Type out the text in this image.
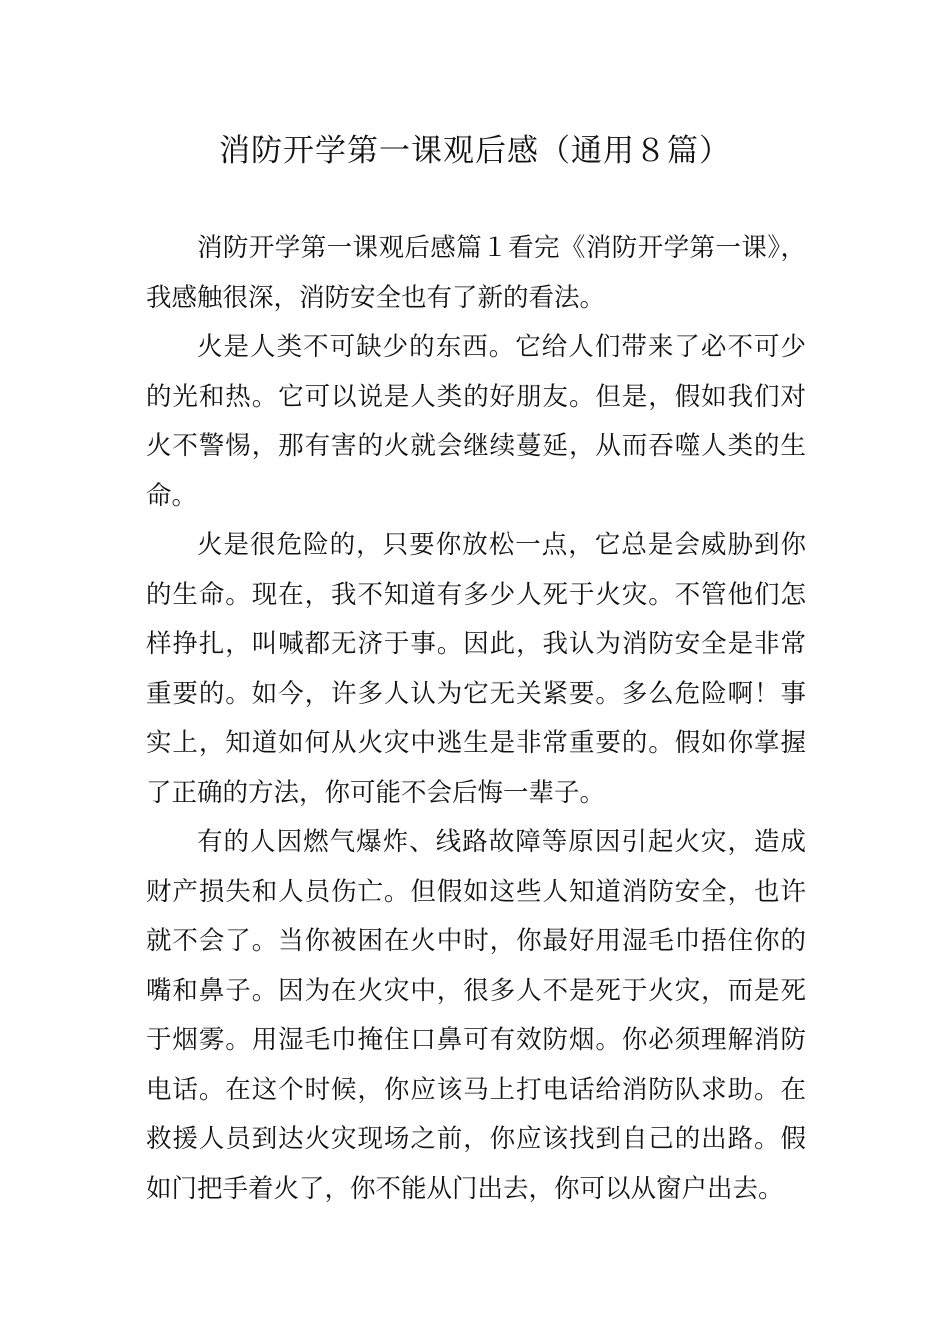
消防开学第一课观后感（通用８篇）

消防开学第一课观后感篇１看完《消防开学第一课》，我感触很深，消防安全也有了新的看法。

火是人类不可缺少的东西。它给人们带来了必不可少的光和热。它可以说是人类的好朋友。但是，假如我们对火不警惕，那有害的火就会继续蔓延，从而吞噬人类的生命。

火是很危险的，只要你放松一点，它总是会威胁到你的生命。现在，我不知道有多少人死于火灾。不管他们怎样挣扎，叫喊都无济于事。因此，我认为消防安全是非常重要的。如今，许多人认为它无关紧要。多么危险啊！事实上，知道如何从火灾中逃生是非常重要的。假如你掌握了正确的方法，你可能不会后悔一辈子。

有的人因燃气爆炸、线路故障等原因引起火灾，造成财产损失和人员伤亡。但假如这些人知道消防安全，也许就不会了。当你被困在火中时，你最好用湿毛巾捂住你的嘴和鼻子。因为在火灾中，很多人不是死于火灾，而是死于烟雾。用湿毛巾掩住口鼻可有效防烟。你必须理解消防电话。在这个时候，你应该马上打电话给消防队求助。在救援人员到达火灾现场之前，你应该找到自己的出路。假如门把手着火了，你不能从门出去，你可以从窗户出去。
